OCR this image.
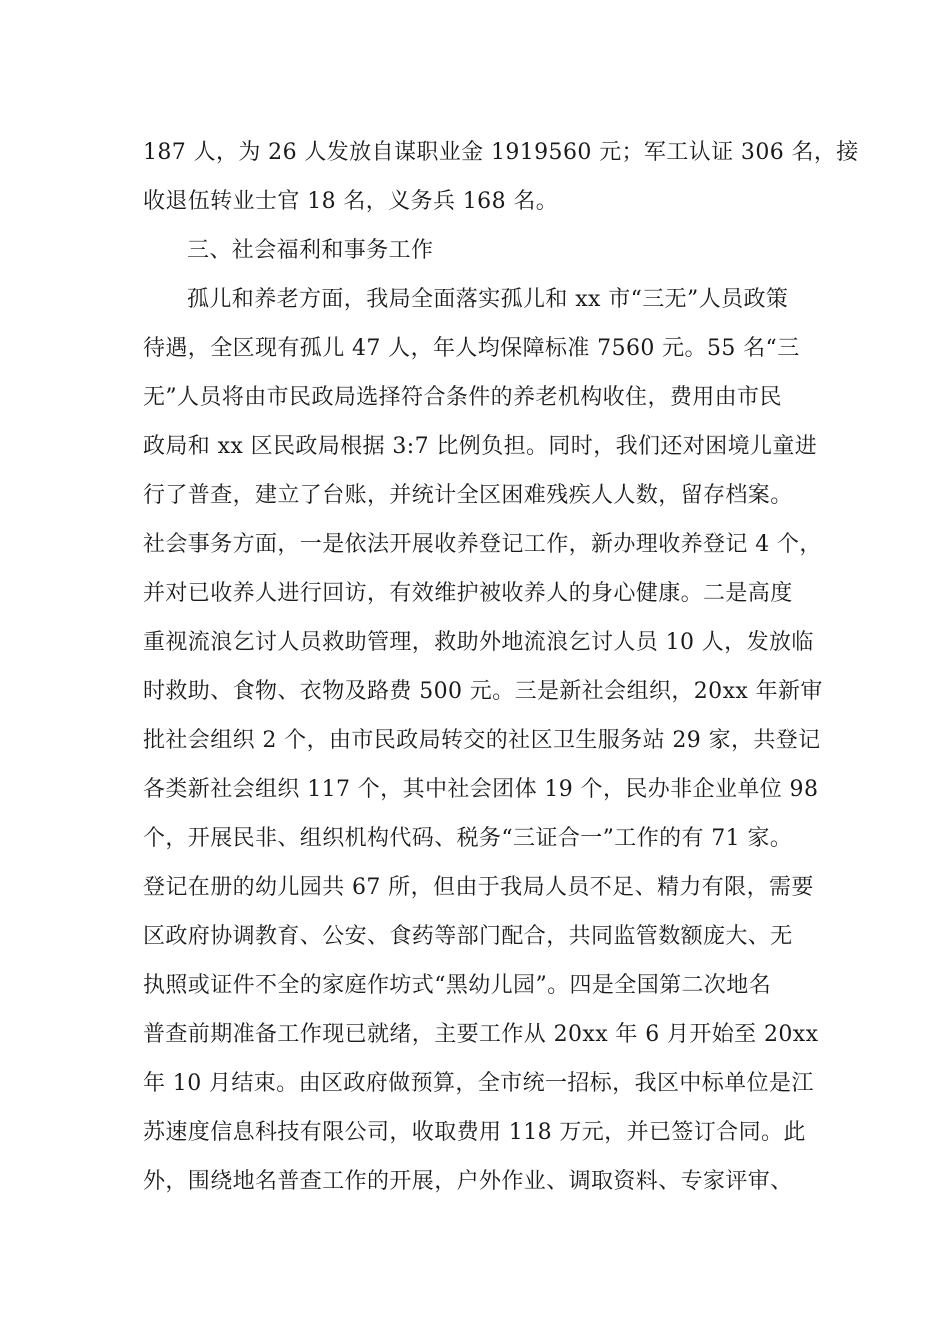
187 人，为 26 人发放自谋职业金 1919560 元；军工认证 306 名，接
收退伍转业士官 18 名，义务兵 168 名。
三、社会福利和事务工作
孤儿和养老方面，我局全面落实孤儿和 xx 市“三无”人员政策
待遇，全区现有孤儿 47 人，年人均保障标准 7560 元。55 名“三
无”人员将由市民政局选择符合条件的养老机构收住，费用由市民
政局和 xx 区民政局根据 3:7 比例负担。同时，我们还对困境儿童进
行了普查，建立了台账，并统计全区困难残疾人人数，留存档案。
社会事务方面，一是依法开展收养登记工作，新办理收养登记 4 个，
并对已收养人进行回访，有效维护被收养人的身心健康。二是高度
重视流浪乞讨人员救助管理，救助外地流浪乞讨人员 10 人，发放临
时救助、食物、衣物及路费 500 元。三是新社会组织，20xx 年新审
批社会组织 2 个，由市民政局转交的社区卫生服务站 29 家，共登记
各类新社会组织 117 个，其中社会团体 19 个，民办非企业单位 98
个，开展民非、组织机构代码、税务“三证合一”工作的有 71 家。
登记在册的幼儿园共 67 所，但由于我局人员不足、精力有限，需要
区政府协调教育、公安、食药等部门配合，共同监管数额庞大、无
执照或证件不全的家庭作坊式“黑幼儿园”。四是全国第二次地名
普查前期准备工作现已就绪，主要工作从 20xx 年 6 月开始至 20xx
年 10 月结束。由区政府做预算，全市统一招标，我区中标单位是江
苏速度信息科技有限公司，收取费用 118 万元，并已签订合同。此
外，围绕地名普查工作的开展，户外作业、调取资料、专家评审、
